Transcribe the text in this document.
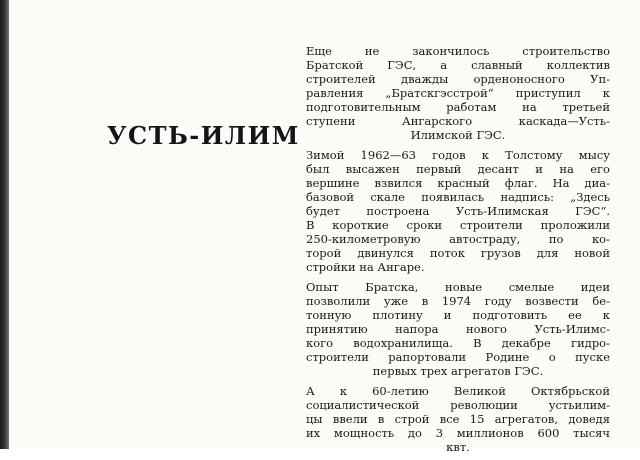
УСТЬ-ИЛИМ

Еще не закончилось строительство
Братской ГЭС, а славный коллектив
строителей дважды орденоносного Уп-
равления „Братскгэсстрой“ приступил к
подготовительным работам на третьей
ступени Ангарского каскада—Усть-
Илимской ГЭС.

Зимой 1962—63 годов к Толстому мысу
был высажен первый десант и на его
вершине взвился красный флаг. На диа-
базовой скале появилась надпись: „Здесь
будет построена Усть-Илимская ГЭС“.
В короткие сроки строители проложили
250-километровую автостраду, по ко-
торой двинулся поток грузов для новой
стройки на Ангаре.

Опыт Братска, новые смелые идеи
позволили уже в 1974 году возвести бе-
тонную плотину и подготовить ее к
принятию напора нового Усть-Илимс-
кого водохранилища. В декабре гидро-
строители рапортовали Родине о пуске
первых трех агрегатов ГЭС.

А к 60-летию Великой Октябрьской
социалистической революции устьилим-
цы ввели в строй все 15 агрегатов, доведя
их мощность до 3 миллионов 600 тысяч
квт.
